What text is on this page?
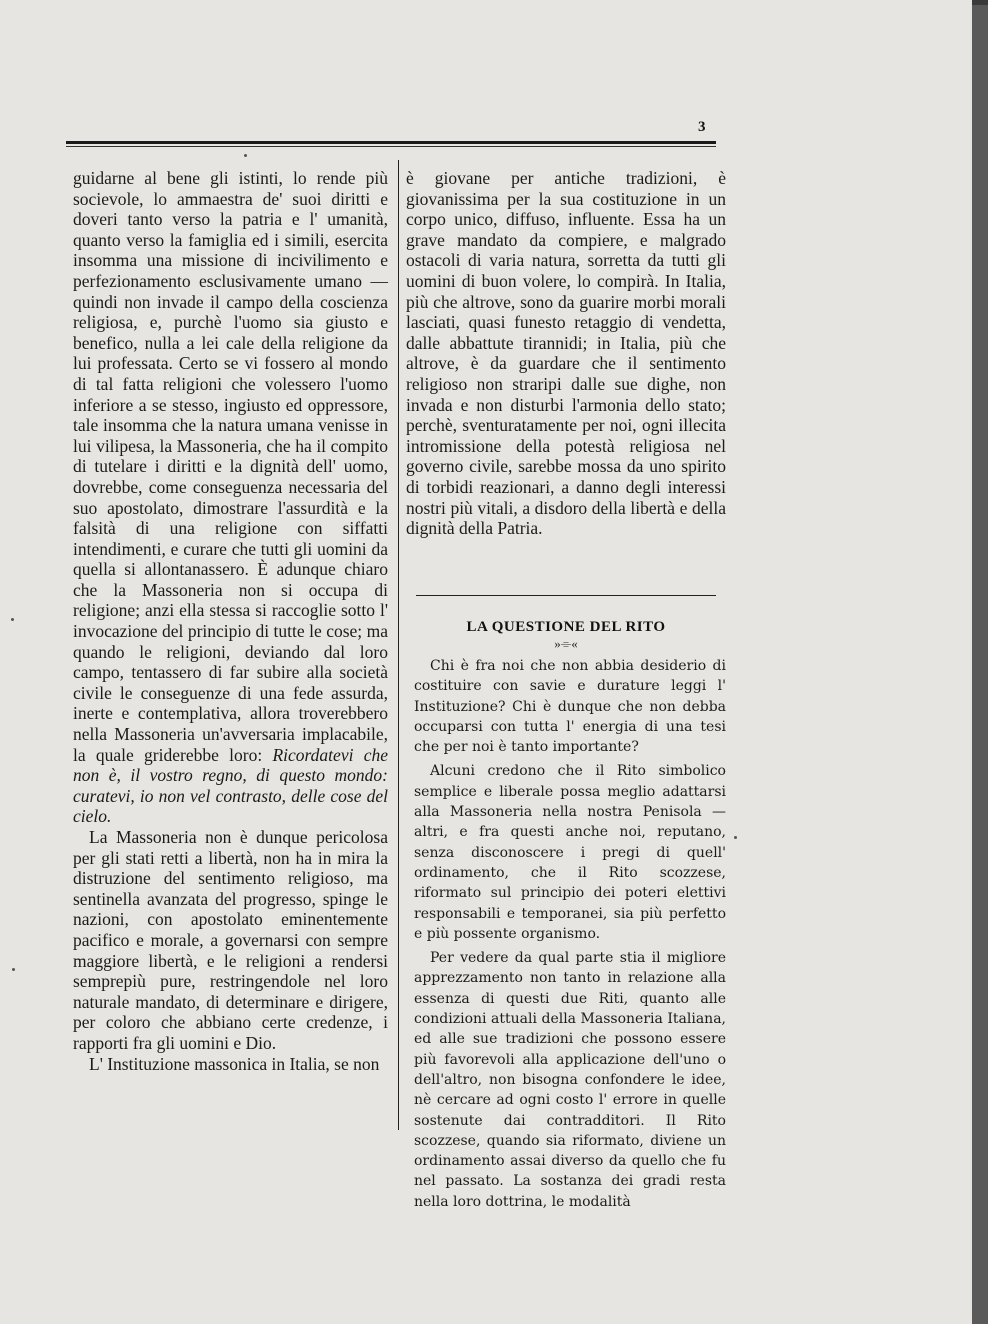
3

guidarne al bene gli istinti, lo rende più socievole, lo ammaestra de' suoi diritti e doveri tanto verso la patria e l' umanità, quanto verso la famiglia ed i simili, esercita insomma una missione di incivilimento e perfezionamento esclusivamente umano — quindi non invade il campo della coscienza religiosa, e, purchè l'uomo sia giusto e benefico, nulla a lei cale della religione da lui professata. Certo se vi fossero al mondo di tal fatta religioni che volessero l'uomo inferiore a se stesso, ingiusto ed oppressore, tale insomma che la natura umana venisse in lui vilipesa, la Massoneria, che ha il compito di tutelare i diritti e la dignità dell' uomo, dovrebbe, come conseguenza necessaria del suo apostolato, dimostrare l'assurdità e la falsità di una religione con siffatti intendimenti, e curare che tutti gli uomini da quella si allontanassero. È adunque chiaro che la Massoneria non si occupa di religione; anzi ella stessa si raccoglie sotto l' invocazione del principio di tutte le cose; ma quando le religioni, deviando dal loro campo, tentassero di far subire alla società civile le conseguenze di una fede assurda, inerte e contemplativa, allora troverebbero nella Massoneria un'avversaria implacabile, la quale griderebbe loro: Ricordatevi che non è, il vostro regno, di questo mondo: curatevi, io non vel contrasto, delle cose del cielo.

La Massoneria non è dunque pericolosa per gli stati retti a libertà, non ha in mira la distruzione del sentimento religioso, ma sentinella avanzata del progresso, spinge le nazioni, con apostolato eminentemente pacifico e morale, a governarsi con sempre maggiore libertà, e le religioni a rendersi semprepiù pure, restringendole nel loro naturale mandato, di determinare e dirigere, per coloro che abbiano certe credenze, i rapporti fra gli uomini e Dio.

L' Instituzione massonica in Italia, se non

è giovane per antiche tradizioni, è giovanissima per la sua costituzione in un corpo unico, diffuso, influente. Essa ha un grave mandato da compiere, e malgrado ostacoli di varia natura, sorretta da tutti gli uomini di buon volere, lo compirà. In Italia, più che altrove, sono da guarire morbi morali lasciati, quasi funesto retaggio di vendetta, dalle abbattute tirannidi; in Italia, più che altrove, è da guardare che il sentimento religioso non straripi dalle sue dighe, non invada e non disturbi l'armonia dello stato; perchè, sventuratamente per noi, ogni illecita intromissione della potestà religiosa nel governo civile, sarebbe mossa da uno spirito di torbidi reazionari, a danno degli interessi nostri più vitali, a disdoro della libertà e della dignità della Patria.

LA QUESTIONE DEL RITO
»⌯«

Chi è fra noi che non abbia desiderio di costituire con savie e durature leggi l' Instituzione? Chi è dunque che non debba occuparsi con tutta l' energia di una tesi che per noi è tanto importante?

Alcuni credono che il Rito simbolico semplice e liberale possa meglio adattarsi alla Massoneria nella nostra Penisola — altri, e fra questi anche noi, reputano, senza disconoscere i pregi di quell' ordinamento, che il Rito scozzese, riformato sul principio dei poteri elettivi responsabili e temporanei, sia più perfetto e più possente organismo.

Per vedere da qual parte stia il migliore apprezzamento non tanto in relazione alla essenza di questi due Riti, quanto alle condizioni attuali della Massoneria Italiana, ed alle sue tradizioni che possono essere più favorevoli alla applicazione dell'uno o dell'altro, non bisogna confondere le idee, nè cercare ad ogni costo l' errore in quelle sostenute dai contradditori. Il Rito scozzese, quando sia riformato, diviene un ordinamento assai diverso da quello che fu nel passato. La sostanza dei gradi resta nella loro dottrina, le modalità
